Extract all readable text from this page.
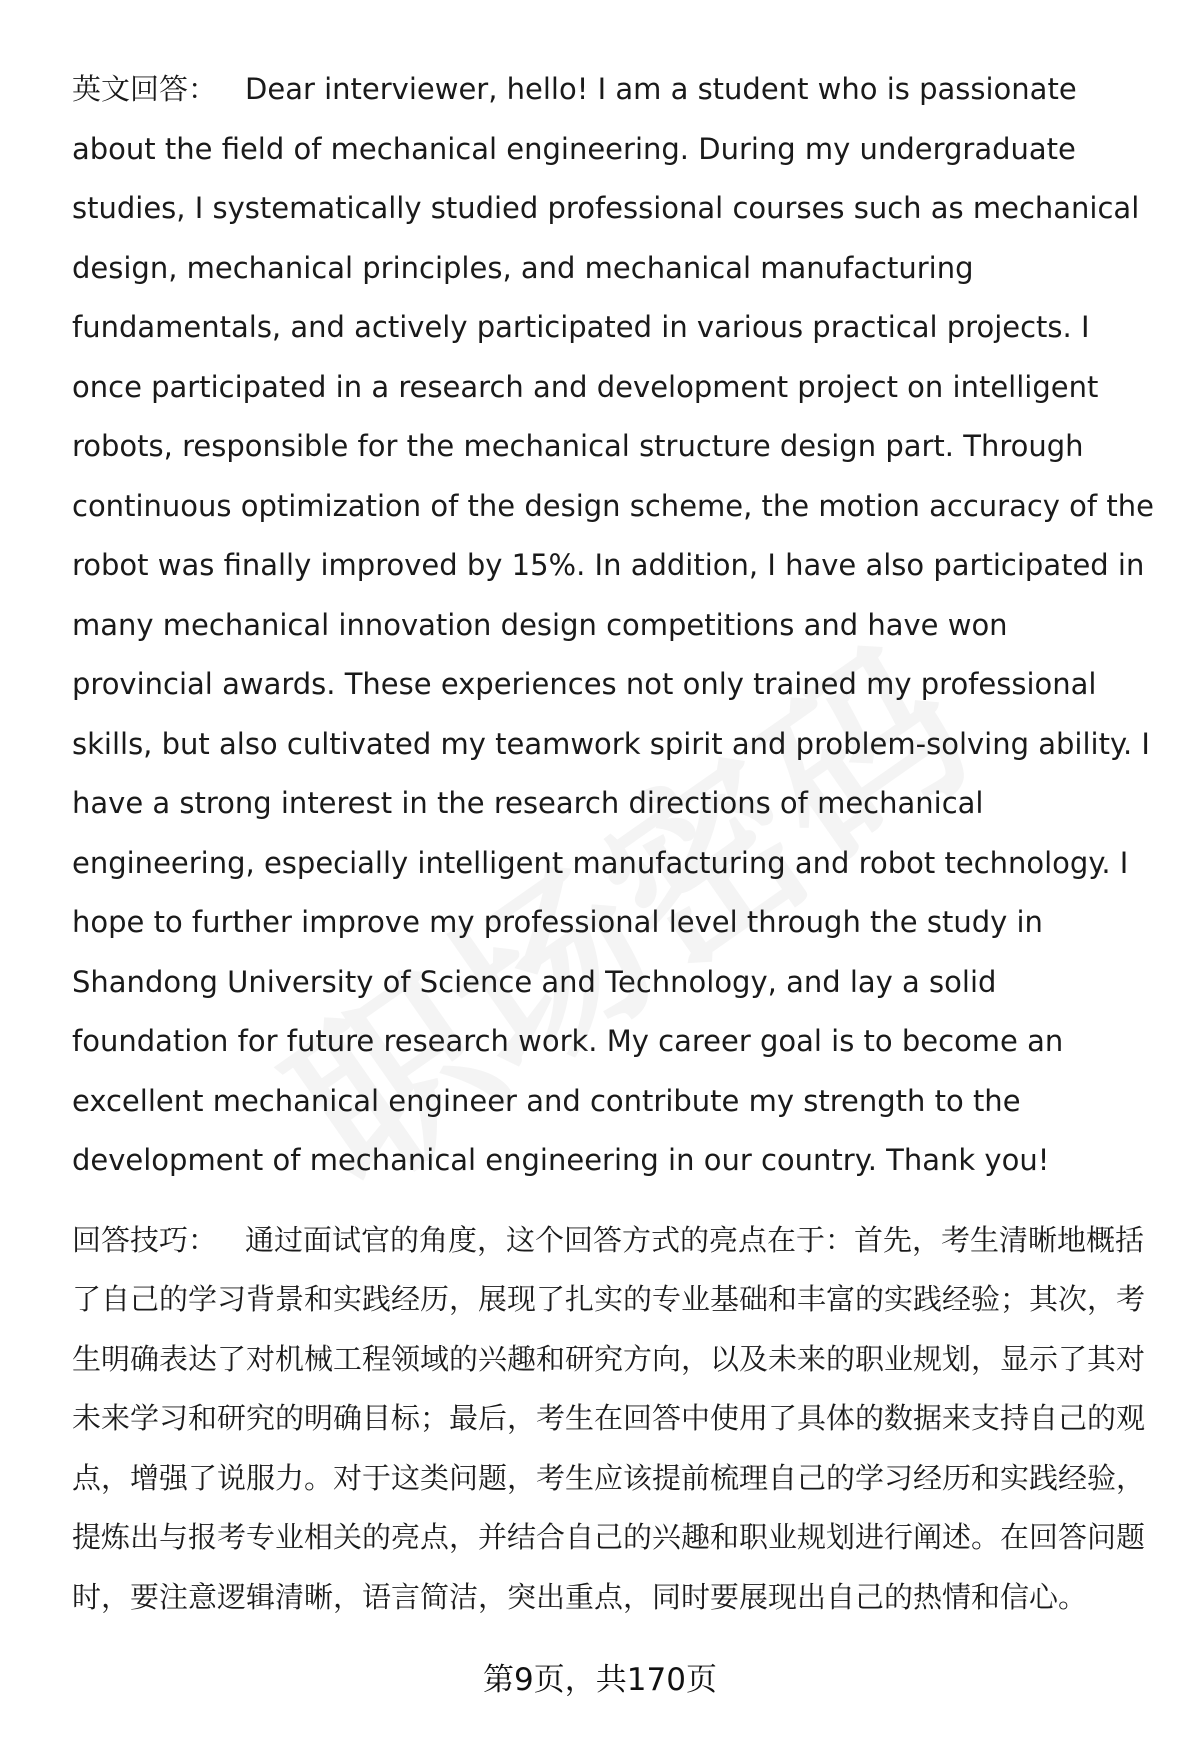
英文回答： Dear interviewer, hello! I am a student who is passionate about the field of mechanical engineering. During my undergraduate studies, I systematically studied professional courses such as mechanical design, mechanical principles, and mechanical manufacturing fundamentals, and actively participated in various practical projects. I once participated in a research and development project on intelligent robots, responsible for the mechanical structure design part. Through continuous optimization of the design scheme, the motion accuracy of the robot was finally improved by 15%. In addition, I have also participated in many mechanical innovation design competitions and have won provincial awards. These experiences not only trained my professional skills, but also cultivated my teamwork spirit and problem-solving ability. I have a strong interest in the research directions of mechanical engineering, especially intelligent manufacturing and robot technology. I hope to further improve my professional level through the study in Shandong University of Science and Technology, and lay a solid foundation for future research work. My career goal is to become an excellent mechanical engineer and contribute my strength to the development of mechanical engineering in our country. Thank you!

回答技巧： 通过面试官的角度，这个回答方式的亮点在于：首先，考生清晰地概括了自己的学习背景和实践经历，展现了扎实的专业基础和丰富的实践经验；其次，考生明确表达了对机械工程领域的兴趣和研究方向，以及未来的职业规划，显示了其对未来学习和研究的明确目标；最后，考生在回答中使用了具体的数据来支持自己的观点，增强了说服力。对于这类问题，考生应该提前梳理自己的学习经历和实践经验，提炼出与报考专业相关的亮点，并结合自己的兴趣和职业规划进行阐述。在回答问题时，要注意逻辑清晰，语言简洁，突出重点，同时要展现出自己的热情和信心。

第9页，共170页
